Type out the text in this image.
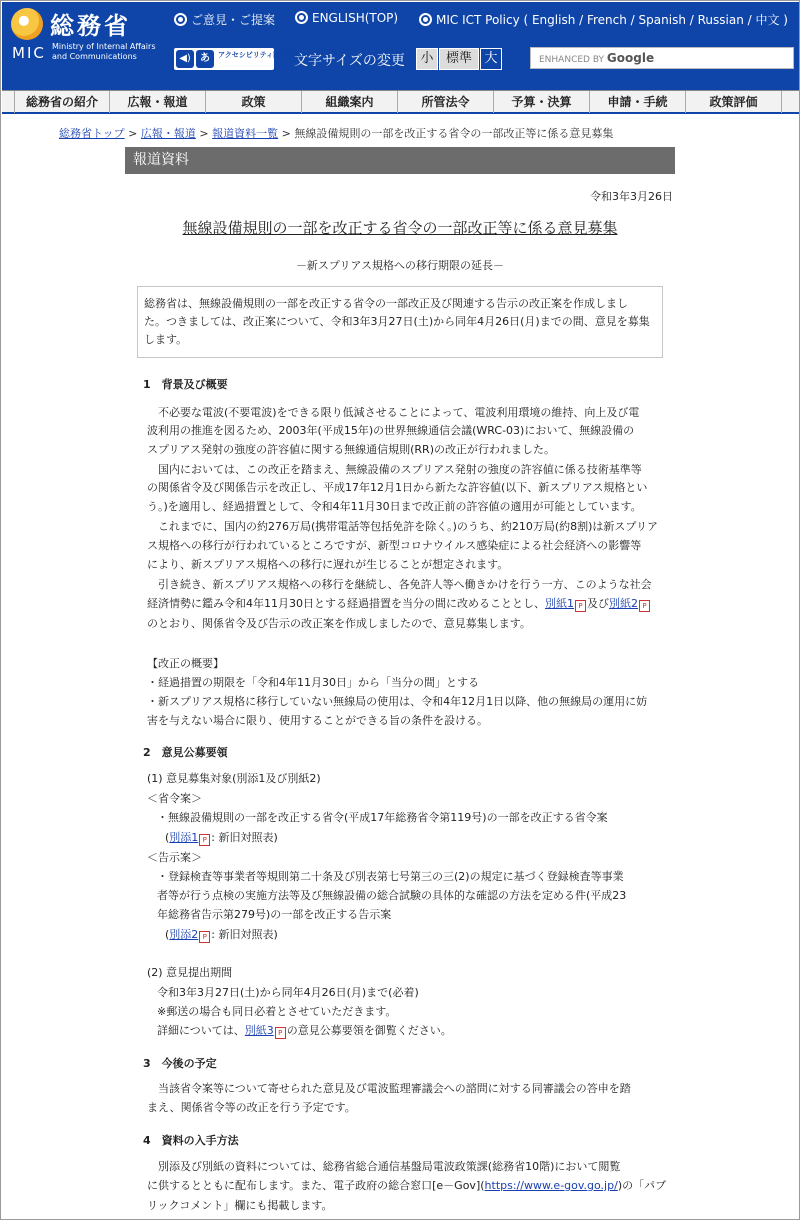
総務省
MIC Ministry of Internal Affairs
and Communications
ご意見・ご提案	ENGLISH(TOP)	MIC ICT Policy ( English / French / Spanish / Russian / 中文 )
◀) あ	アクセシビリティ閲覧支援ツール
文字サイズの変更	小 標準 大	ENHANCED BY Google
総務省の紹介	広報・報道	政策	組織案内	所管法令	予算・決算	申請・手続	政策評価
総務省トップ > 広報・報道 > 報道資料一覧 > 無線設備規則の一部を改正する省令の一部改正等に係る意見募集
報道資料
令和3年3月26日
無線設備規則の一部を改正する省令の一部改正等に係る意見募集
－新スプリアス規格への移行期限の延長－
総務省は、無線設備規則の一部を改正する省令の一部改正及び関連する告示の改正案を作成しまし
た。つきましては、改正案について、令和3年3月27日(土)から同年4月26日(月)までの間、意見を募集
します。
1　背景及び概要
　不必要な電波(不要電波)をできる限り低減させることによって、電波利用環境の維持、向上及び電
波利用の推進を図るため、2003年(平成15年)の世界無線通信会議(WRC-03)において、無線設備の
スプリアス発射の強度の許容値に関する無線通信規則(RR)の改正が行われました。
　国内においては、この改正を踏まえ、無線設備のスプリアス発射の強度の許容値に係る技術基準等
の関係省令及び関係告示を改正し、平成17年12月1日から新たな許容値(以下、新スプリアス規格とい
う。)を適用し、経過措置として、令和4年11月30日まで改正前の許容値の適用が可能としています。
　これまでに、国内の約276万局(携帯電話等包括免許を除く。)のうち、約210万局(約8割)は新スプリア
ス規格への移行が行われているところですが、新型コロナウイルス感染症による社会経済への影響等
により、新スプリアス規格への移行に遅れが生じることが想定されます。
　引き続き、新スプリアス規格への移行を継続し、各免許人等へ働きかけを行う一方、このような社会
経済情勢に鑑み令和4年11月30日とする経過措置を当分の間に改めることとし、別紙1 P 及び別紙2 P
のとおり、関係省令及び告示の改正案を作成しましたので、意見募集します。
【改正の概要】
・経過措置の期限を「令和4年11月30日」から「当分の間」とする
・新スプリアス規格に移行していない無線局の使用は、令和4年12月1日以降、他の無線局の運用に妨
害を与えない場合に限り、使用することができる旨の条件を設ける。
2　意見公募要領
(1) 意見募集対象(別添1及び別紙2)
＜省令案＞
・無線設備規則の一部を改正する省令(平成17年総務省令第119号)の一部を改正する省令案
(別添1 P : 新旧対照表)
＜告示案＞
・登録検査等事業者等規則第二十条及び別表第七号第三の三(2)の規定に基づく登録検査等事業
者等が行う点検の実施方法等及び無線設備の総合試験の具体的な確認の方法を定める件(平成23
年総務省告示第279号)の一部を改正する告示案
(別添2 P : 新旧対照表)
(2) 意見提出期間
令和3年3月27日(土)から同年4月26日(月)まで(必着)
※郵送の場合も同日必着とさせていただきます。
詳細については、別紙3 P の意見公募要領を御覧ください。
3　今後の予定
　当該省令案等について寄せられた意見及び電波監理審議会への諮問に対する同審議会の答申を踏
まえ、関係省令等の改正を行う予定です。
4　資料の入手方法
　別添及び別紙の資料については、総務省総合通信基盤局電波政策課(総務省10階)において閲覧
に供するとともに配布します。また、電子政府の総合窓口[e－Gov](https://www.e-gov.go.jp/)の「パブ
リックコメント」欄にも掲載します。
